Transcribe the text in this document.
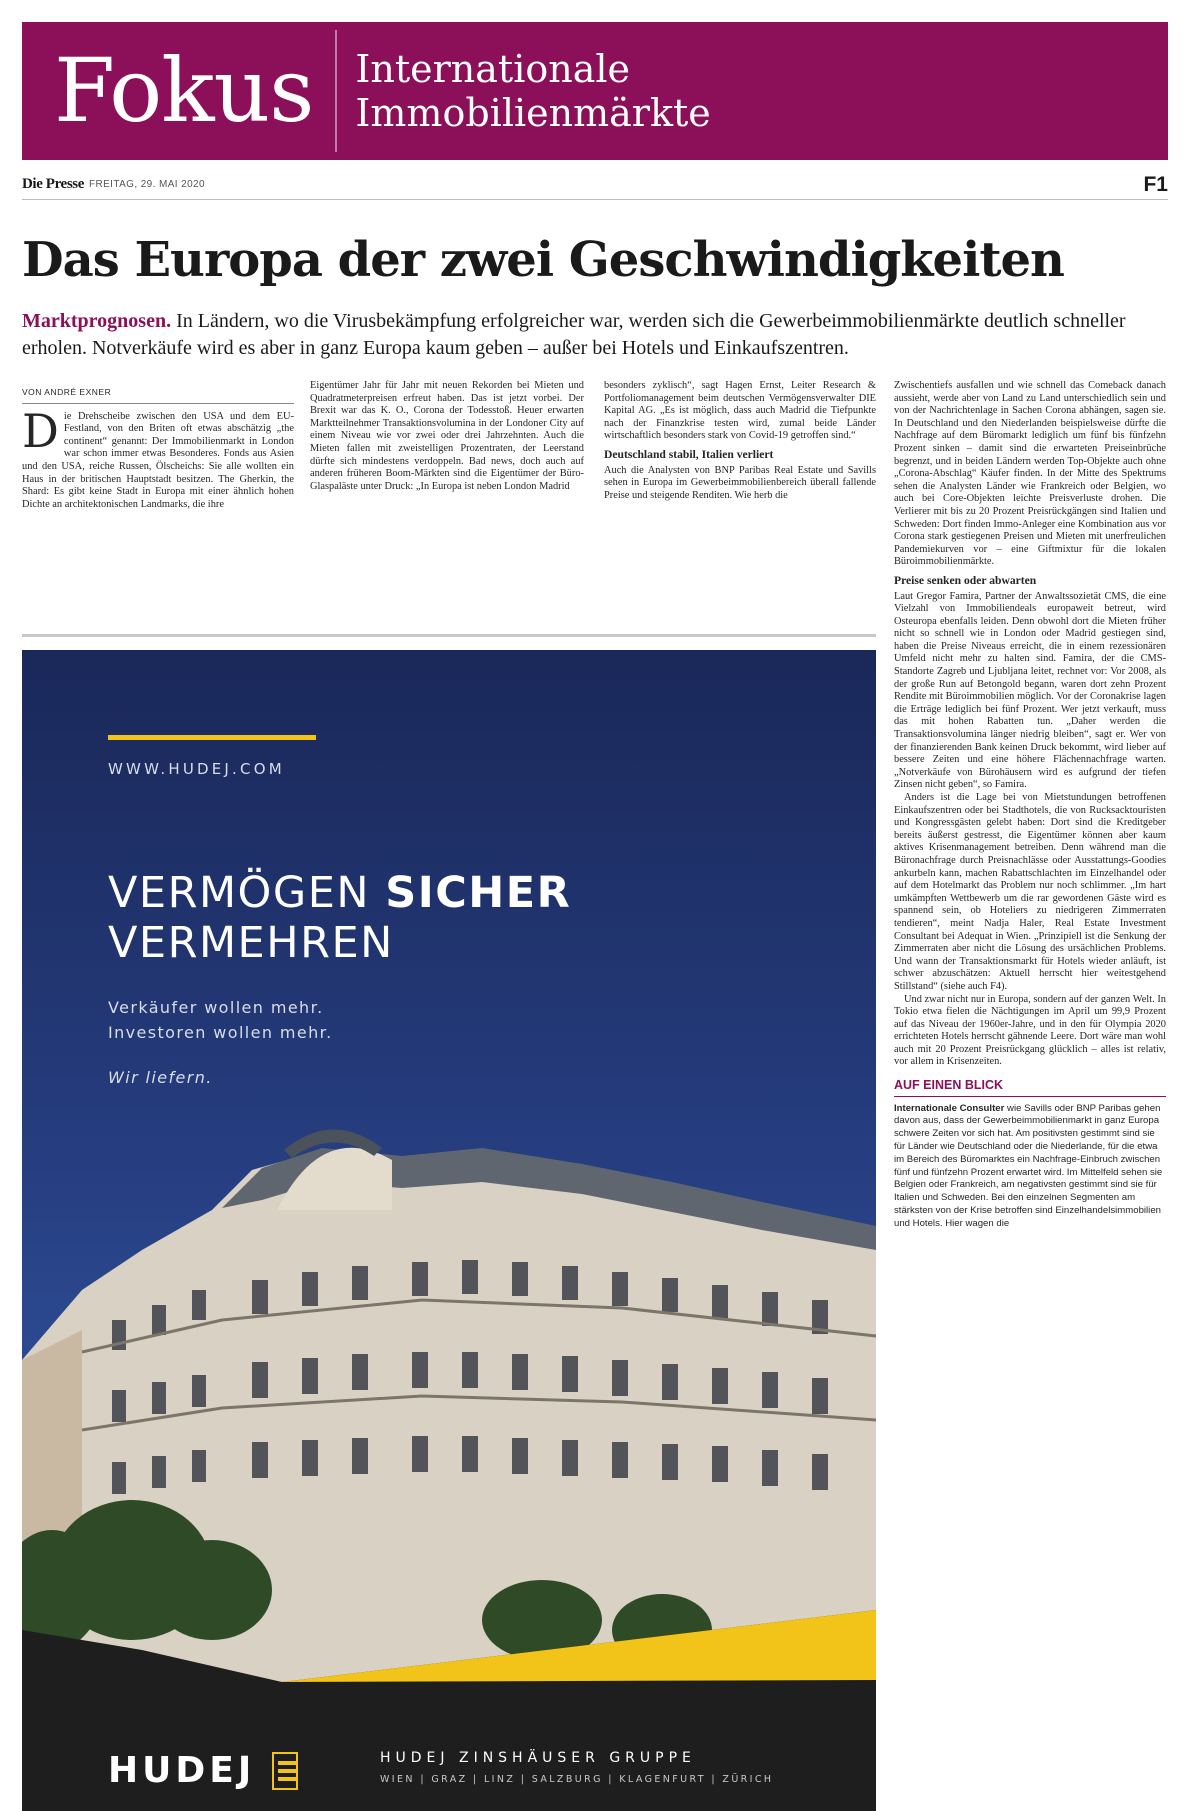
Fokus Internationale
Immobilienmärkte
Die Presse FREITAG, 29. MAI 2020	F1
Das Europa der zwei Geschwindigkeiten
Marktprognosen. In Ländern, wo die Virusbekämpfung erfolgreicher war, werden sich die Gewerbeimmobilienmärkte deutlich schneller erholen. Notverkäufe wird es aber in ganz Europa kaum geben – außer bei Hotels und Einkaufszentren.
VON ANDRÉ EXNER

Die Drehscheibe zwischen den USA und dem EU-Festland, von den Briten oft etwas abschätzig „the continent“ genannt: Der Immobilienmarkt in London war schon immer etwas Besonderes. Fonds aus Asien und den USA, reiche Russen, Ölscheichs: Sie alle wollten ein Haus in der britischen Hauptstadt besitzen. The Gherkin, the Shard: Es gibt keine Stadt in Europa mit einer ähnlich hohen Dichte an architektonischen Landmarks, die ihre

Eigentümer Jahr für Jahr mit neuen Rekorden bei Mieten und Quadratmeterpreisen erfreut haben. Das ist jetzt vorbei. Der Brexit war das K. O., Corona der Todesstoß. Heuer erwarten Marktteilnehmer Transaktionsvolumina in der Londoner City auf einem Niveau wie vor zwei oder drei Jahrzehnten. Auch die Mieten fallen mit zweistelligen Prozentraten, der Leerstand dürfte sich mindestens verdoppeln. Bad news, doch auch auf anderen früheren Boom-Märkten sind die Eigentümer der Büro-Glaspaläste unter Druck: „In Europa ist neben London Madrid

besonders zyklisch“, sagt Hagen Ernst, Leiter Research & Portfoliomanagement beim deutschen Vermögensverwalter DIE Kapital AG. „Es ist möglich, dass auch Madrid die Tiefpunkte nach der Finanzkrise testen wird, zumal beide Länder wirtschaftlich besonders stark von Covid-19 getroffen sind.“

Deutschland stabil, Italien verliert

Auch die Analysten von BNP Paribas Real Estate und Savills sehen in Europa im Gewerbeimmobilienbereich überall fallende Preise und steigende Renditen. Wie herb die

Zwischentiefs ausfallen und wie schnell das Comeback danach aussieht, werde aber von Land zu Land unterschiedlich sein und von der Nachrichtenlage in Sachen Corona abhängen, sagen sie. In Deutschland und den Niederlanden beispielsweise dürfte die Nachfrage auf dem Büromarkt lediglich um fünf bis fünfzehn Prozent sinken – damit sind die erwarteten Preiseinbrüche begrenzt, und in beiden Ländern werden Top-Objekte auch ohne „Corona-Abschlag“ Käufer finden. In der Mitte des Spektrums sehen die Analysten Länder wie Frankreich oder Belgien, wo auch bei Core-Objekten leichte Preisverluste drohen. Die Verlierer mit bis zu 20 Prozent Preisrückgängen sind Italien und Schweden: Dort finden Immo-Anleger eine Kombination aus vor Corona stark gestiegenen Preisen und Mieten mit unerfreulichen Pandemiekurven vor – eine Giftmixtur für die lokalen Büroimmobilienmärkte.

Preise senken oder abwarten

Laut Gregor Famira, Partner der Anwaltssozietät CMS, die eine Vielzahl von Immobiliendeals europaweit betreut, wird Osteuropa ebenfalls leiden. Denn obwohl dort die Mieten früher nicht so schnell wie in London oder Madrid gestiegen sind, haben die Preise Niveaus erreicht, die in einem rezessionären Umfeld nicht mehr zu halten sind. Famira, der die CMS-Standorte Zagreb und Ljubljana leitet, rechnet vor: Vor 2008, als der große Run auf Betongold begann, waren dort zehn Prozent Rendite mit Büroimmobilien möglich. Vor der Coronakrise lagen die Erträge lediglich bei fünf Prozent. Wer jetzt verkauft, muss das mit hohen Rabatten tun. „Daher werden die Transaktionsvolumina länger niedrig bleiben“, sagt er. Wer von der finanzierenden Bank keinen Druck bekommt, wird lieber auf bessere Zeiten und eine höhere Flächennachfrage warten. „Notverkäufe von Bürohäusern wird es aufgrund der tiefen Zinsen nicht geben“, so Famira.

Anders ist die Lage bei von Mietstundungen betroffenen Einkaufszentren oder bei Stadthotels, die von Rucksacktouristen und Kongressgästen gelebt haben: Dort sind die Kreditgeber bereits äußerst gestresst, die Eigentümer können aber kaum aktives Krisenmanagement betreiben. Denn während man die Büronachfrage durch Preisnachlässe oder Ausstattungs-Goodies ankurbeln kann, machen Rabattschlachten im Einzelhandel oder auf dem Hotelmarkt das Problem nur noch schlimmer. „Im hart umkämpften Wettbewerb um die rar gewordenen Gäste wird es spannend sein, ob Hoteliers zu niedrigeren Zimmerraten tendieren“, meint Nadja Haler, Real Estate Investment Consultant bei Adequat in Wien. „Prinzipiell ist die Senkung der Zimmerraten aber nicht die Lösung des ursächlichen Problems. Und wann der Transaktionsmarkt für Hotels wieder anläuft, ist schwer abzuschätzen: Aktuell herrscht hier weitestgehend Stillstand“ (siehe auch F4).

Und zwar nicht nur in Europa, sondern auf der ganzen Welt. In Tokio etwa fielen die Nächtigungen im April um 99,9 Prozent auf das Niveau der 1960er-Jahre, und in den für Olympia 2020 errichteten Hotels herrscht gähnende Leere. Dort wäre man wohl auch mit 20 Prozent Preisrückgang glücklich – alles ist relativ, vor allem in Krisenzeiten.

AUF EINEN BLICK
Internationale Consulter wie Savills oder BNP Paribas gehen davon aus, dass der Gewerbeimmobilienmarkt in ganz Europa schwere Zeiten vor sich hat. Am positivsten gestimmt sind sie für Länder wie Deutschland oder die Niederlande, für die etwa im Bereich des Büromarktes ein Nachfrage-Einbruch zwischen fünf und fünfzehn Prozent erwartet wird. Im Mittelfeld sehen sie Belgien oder Frankreich, am negativsten gestimmt sind sie für Italien und Schweden. Bei den einzelnen Segmenten am stärksten von der Krise betroffen sind Einzelhandelsimmobilien und Hotels. Hier wagen die
WWW.HUDEJ.COM
VERMÖGEN SICHER
VERMEHREN
Verkäufer wollen mehr.
Investoren wollen mehr.
Wir liefern.
HUDEJ	HUDEJ ZINSHÄUSER GRUPPE
WIEN | GRAZ | LINZ | SALZBURG | KLAGENFURT | ZÜRICH
